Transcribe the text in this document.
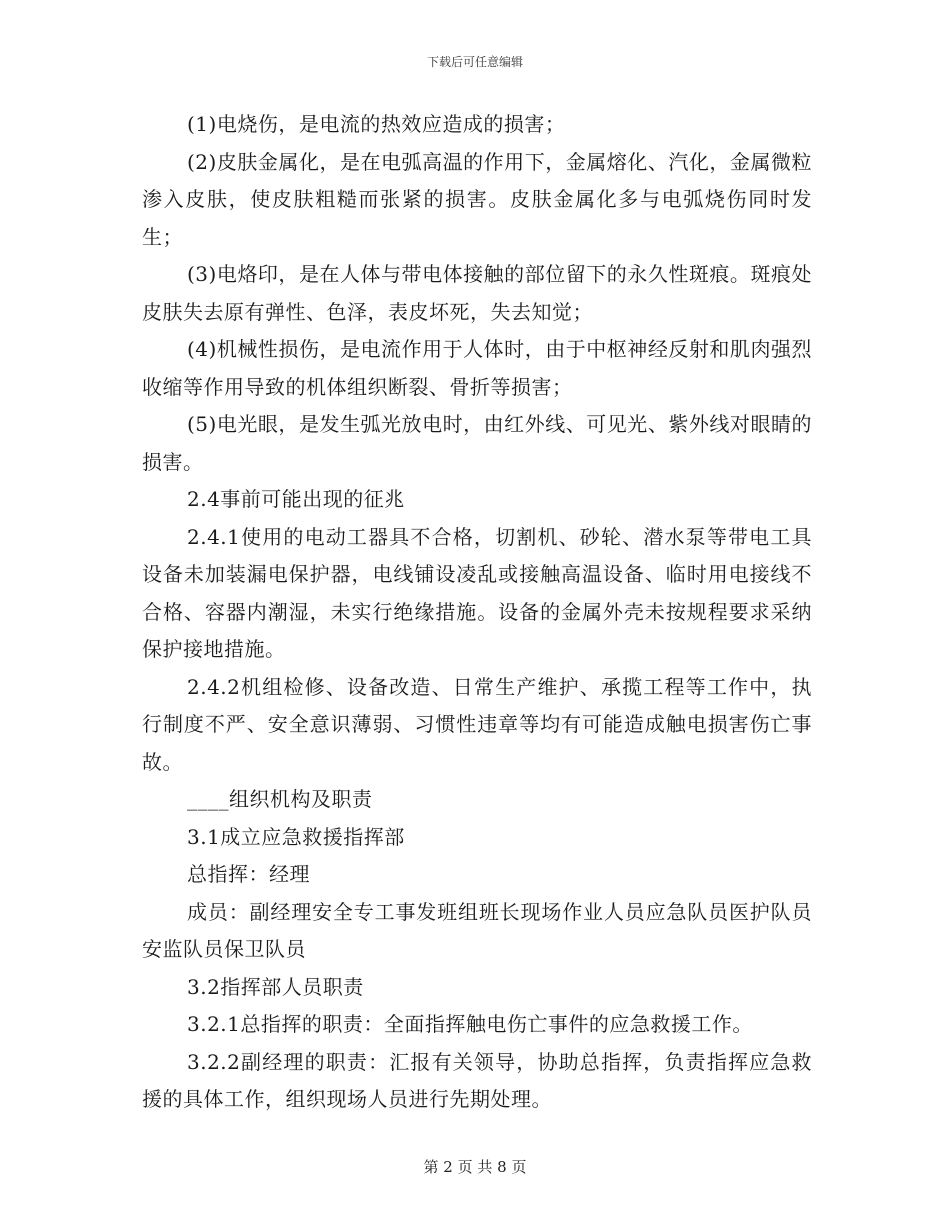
下载后可任意编辑

(1)电烧伤，是电流的热效应造成的损害；

(2)皮肤金属化，是在电弧高温的作用下，金属熔化、汽化，金属微粒渗入皮肤，使皮肤粗糙而张紧的损害。皮肤金属化多与电弧烧伤同时发生；

(3)电烙印，是在人体与带电体接触的部位留下的永久性斑痕。斑痕处皮肤失去原有弹性、色泽，表皮坏死，失去知觉；

(4)机械性损伤，是电流作用于人体时，由于中枢神经反射和肌肉强烈收缩等作用导致的机体组织断裂、骨折等损害；

(5)电光眼，是发生弧光放电时，由红外线、可见光、紫外线对眼睛的损害。

2.4事前可能出现的征兆

2.4.1使用的电动工器具不合格，切割机、砂轮、潜水泵等带电工具设备未加装漏电保护器，电线铺设凌乱或接触高温设备、临时用电接线不合格、容器内潮湿，未实行绝缘措施。设备的金属外壳未按规程要求采纳保护接地措施。

2.4.2机组检修、设备改造、日常生产维护、承揽工程等工作中，执行制度不严、安全意识薄弱、习惯性违章等均有可能造成触电损害伤亡事故。

____组织机构及职责

3.1成立应急救援指挥部

总指挥：经理

成员：副经理安全专工事发班组班长现场作业人员应急队员医护队员安监队员保卫队员

3.2指挥部人员职责

3.2.1总指挥的职责：全面指挥触电伤亡事件的应急救援工作。

3.2.2副经理的职责：汇报有关领导，协助总指挥，负责指挥应急救援的具体工作，组织现场人员进行先期处理。

第 2 页 共 8 页
